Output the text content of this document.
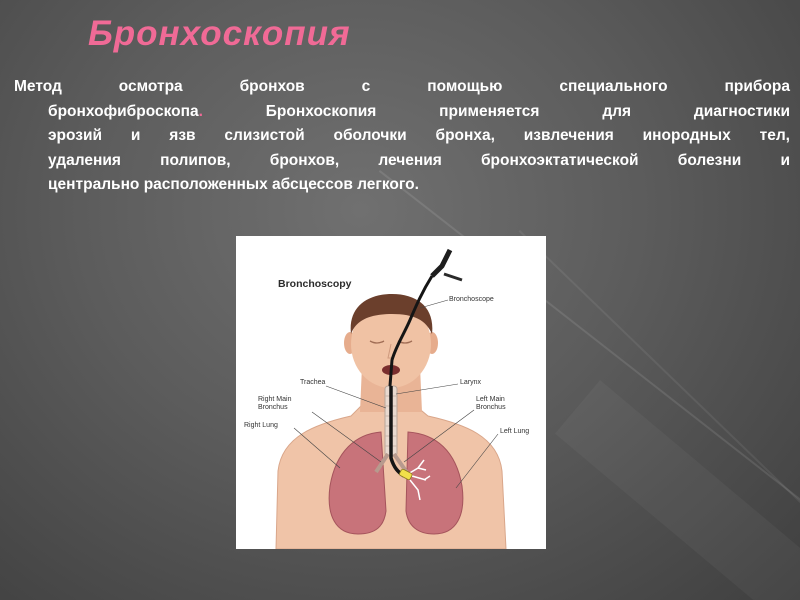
Бронхоскопия

Метод осмотра бронхов с помощью специального прибора

бронхофиброскопа.	Бронхоскопия применяется для диагностики

эрозий и язв слизистой оболочки бронха, извлечения инородных тел,

удаления полипов, бронхов, лечения бронхоэктатической болезни и

центрально расположенных абсцессов легкого.

Bronchoscopy
Bronchoscope
Trachea	Larynx
Right Main
Bronchus
Left Main
Bronchus
Right Lung
Left Lung
